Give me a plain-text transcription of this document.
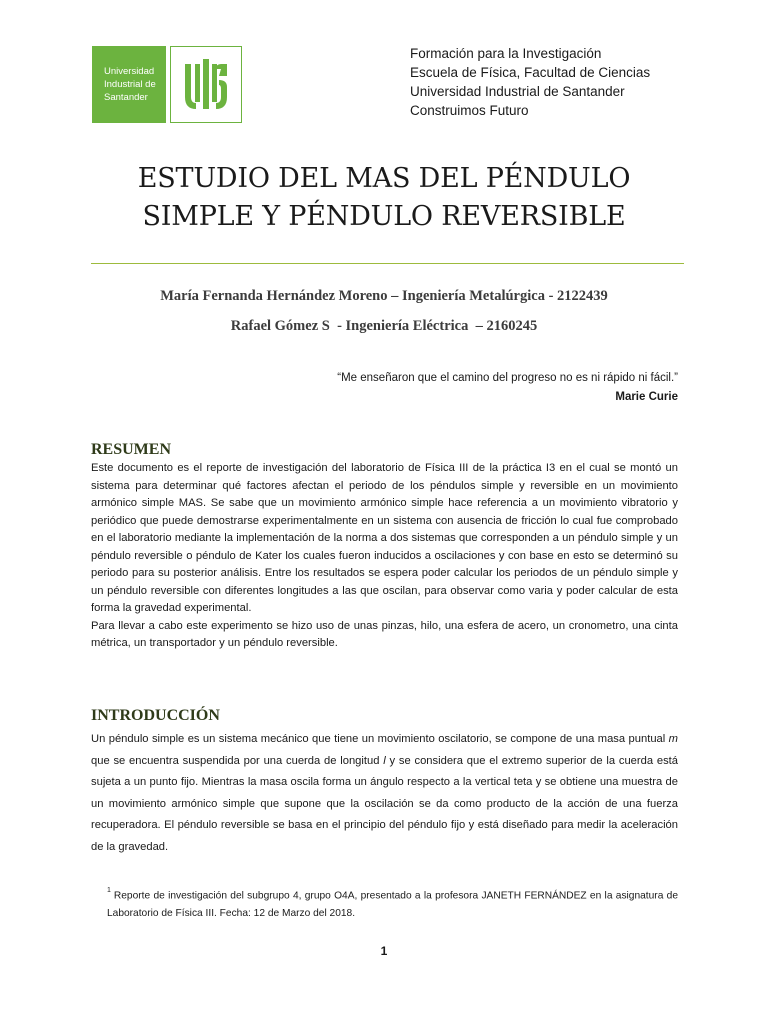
Universidad
Industrial de
Santander
Formación para la Investigación
Escuela de Física, Facultad de Ciencias
Universidad Industrial de Santander
Construimos Futuro
ESTUDIO DEL MAS DEL PÉNDULO
SIMPLE Y PÉNDULO REVERSIBLE
María Fernanda Hernández Moreno – Ingeniería Metalúrgica - 2122439
Rafael Gómez S  - Ingeniería Eléctrica  – 2160245
“Me enseñaron que el camino del progreso no es ni rápido ni fácil.”
Marie Curie
RESUMEN

Este documento es el reporte de investigación del laboratorio de Física III de la práctica I3 en el cual se montó un sistema para determinar qué factores afectan el periodo de los péndulos simple y reversible en un movimiento armónico simple MAS. Se sabe que un movimiento armónico simple hace referencia a un movimiento vibratorio y periódico que puede demostrarse experimentalmente en un sistema con ausencia de fricción lo cual fue comprobado en el laboratorio mediante la implementación de la norma a dos sistemas que corresponden a un péndulo simple y un péndulo reversible o péndulo de Kater los cuales fueron inducidos a oscilaciones y con base en esto se determinó su periodo para su posterior análisis. Entre los resultados se espera poder calcular los periodos de un péndulo simple y un péndulo reversible con diferentes longitudes a las que oscilan, para observar como varia y poder calcular de esta forma la gravedad experimental.

Para llevar a cabo este experimento se hizo uso de unas pinzas, hilo, una esfera de acero, un cronometro, una cinta métrica, un transportador y un péndulo reversible.

INTRODUCCIÓN

Un péndulo simple es un sistema mecánico que tiene un movimiento oscilatorio, se compone de una masa puntual m que se encuentra suspendida por una cuerda de longitud l y se considera que el extremo superior de la cuerda está sujeta a un punto fijo. Mientras la masa oscila forma un ángulo respecto a la vertical teta y se obtiene una muestra de un movimiento armónico simple que supone que la oscilación se da como producto de la acción de una fuerza recuperadora. El péndulo reversible se basa en el principio del péndulo fijo y está diseñado para medir la aceleración de la gravedad.

$^1$ Reporte de investigación del subgrupo 4, grupo O4A, presentado a la profesora JANETH FERNÁNDEZ en la asignatura de Laboratorio de Física III. Fecha: 12 de Marzo del 2018.
1
